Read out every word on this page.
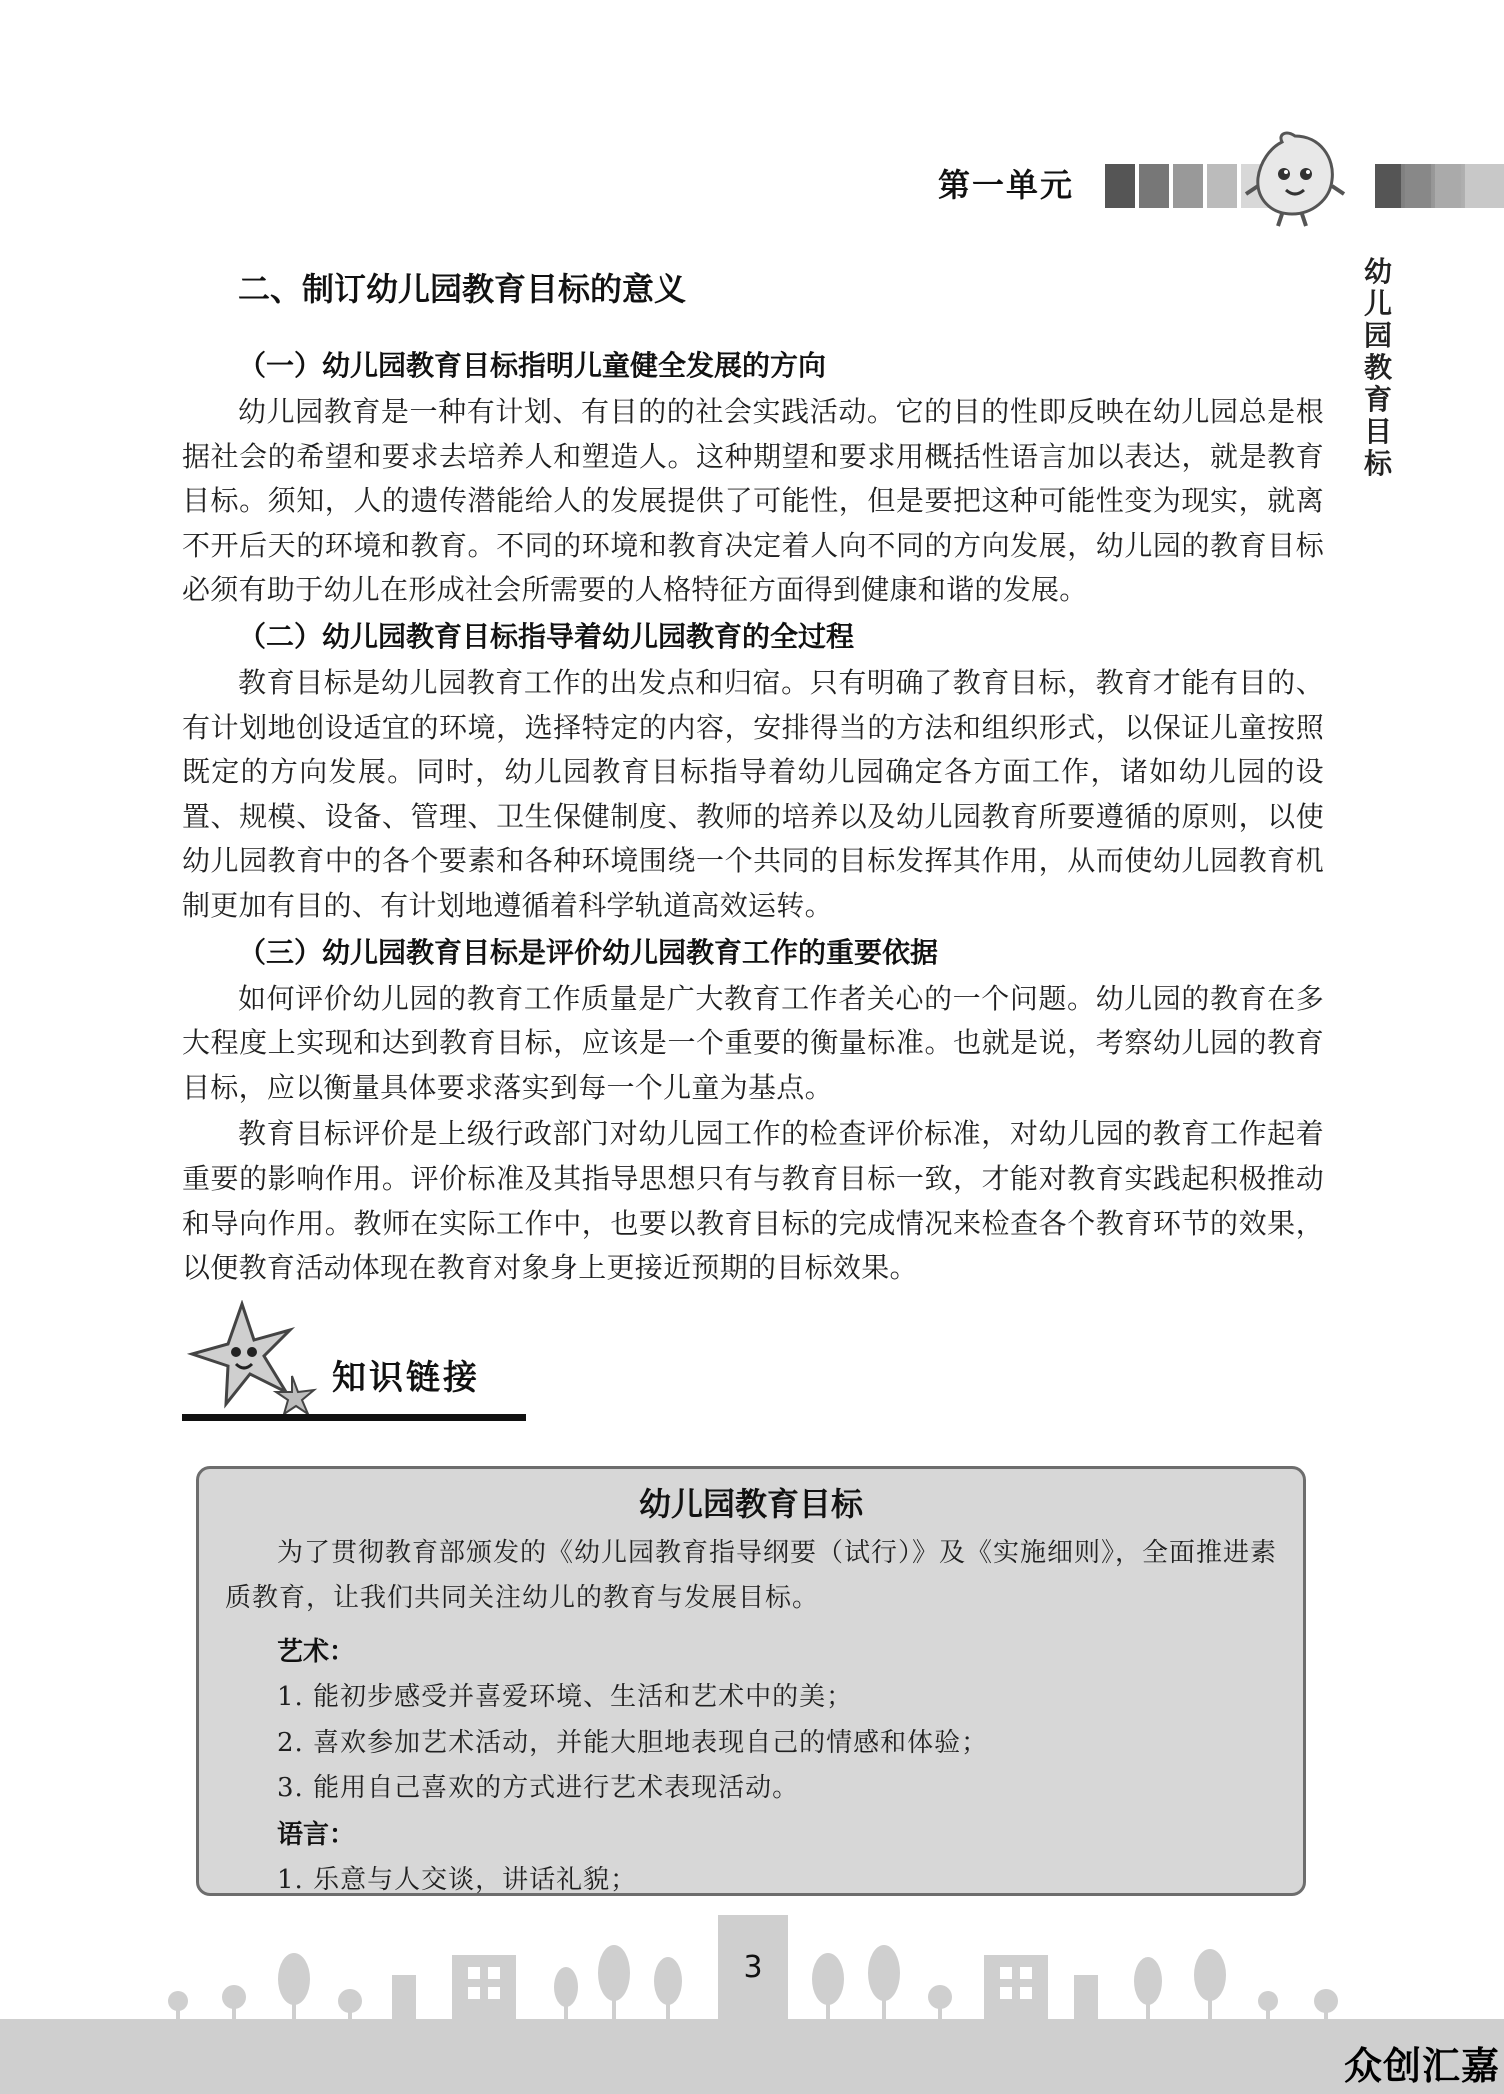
第一单元
幼
儿
园
教
育
目
标
二、制订幼儿园教育目标的意义
（一）幼儿园教育目标指明儿童健全发展的方向

幼儿园教育是一种有计划、有目的的社会实践活动。它的目的性即反映在幼儿园总是根据社会的希望和要求去培养人和塑造人。这种期望和要求用概括性语言加以表达，就是教育目标。须知，人的遗传潜能给人的发展提供了可能性，但是要把这种可能性变为现实，就离不开后天的环境和教育。不同的环境和教育决定着人向不同的方向发展，幼儿园的教育目标必须有助于幼儿在形成社会所需要的人格特征方面得到健康和谐的发展。

（二）幼儿园教育目标指导着幼儿园教育的全过程

教育目标是幼儿园教育工作的出发点和归宿。只有明确了教育目标，教育才能有目的、有计划地创设适宜的环境，选择特定的内容，安排得当的方法和组织形式，以保证儿童按照既定的方向发展。同时，幼儿园教育目标指导着幼儿园确定各方面工作，诸如幼儿园的设置、规模、设备、管理、卫生保健制度、教师的培养以及幼儿园教育所要遵循的原则，以使幼儿园教育中的各个要素和各种环境围绕一个共同的目标发挥其作用，从而使幼儿园教育机制更加有目的、有计划地遵循着科学轨道高效运转。

（三）幼儿园教育目标是评价幼儿园教育工作的重要依据

如何评价幼儿园的教育工作质量是广大教育工作者关心的一个问题。幼儿园的教育在多大程度上实现和达到教育目标，应该是一个重要的衡量标准。也就是说，考察幼儿园的教育目标，应以衡量具体要求落实到每一个儿童为基点。

教育目标评价是上级行政部门对幼儿园工作的检查评价标准，对幼儿园的教育工作起着重要的影响作用。评价标准及其指导思想只有与教育目标一致，才能对教育实践起积极推动和导向作用。教师在实际工作中，也要以教育目标的完成情况来检查各个教育环节的效果，以便教育活动体现在教育对象身上更接近预期的目标效果。

知识链接
幼儿园教育目标

为了贯彻教育部颁发的《幼儿园教育指导纲要（试行）》及《实施细则》，全面推进素质教育，让我们共同关注幼儿的教育与发展目标。

艺术：
1. 能初步感受并喜爱环境、生活和艺术中的美；
2. 喜欢参加艺术活动，并能大胆地表现自己的情感和体验；
3. 能用自己喜欢的方式进行艺术表现活动。
语言：
1. 乐意与人交谈，讲话礼貌；
3
众创汇嘉
